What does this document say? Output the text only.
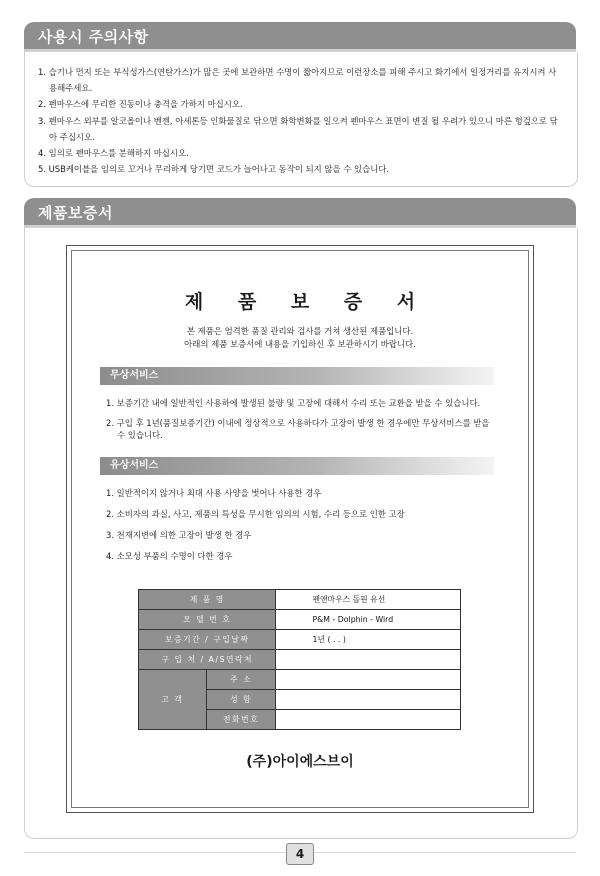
사용시 주의사항
1. 습기나 먼지 또는 부식성가스(연탄가스)가 많은 곳에 보관하면 수명이 짧아지므로 이런장소를 피해 주시고 화기에서 일정거리를 유지시켜 사용해주세요.
2. 펜마우스에 무리한 진동이나 충격을 가하지 마십시오.
3. 펜마우스 외부를 알코올이나 벤젠, 아세톤등 인화물질로 닦으면 화학변화를 일으켜 펜마우스 표면이 변질 될 우려가 있으니 마른 헝겊으로 닦아 주십시오.
4. 임의로 펜마우스를 분해하지 마십시오.
5. USB케이블을 임의로 꼬거나 무리하게 당기면 코드가 늘어나고 동작이 되지 않을 수 있습니다.
제품보증서
제 품 보 증 서
본 제품은 엄격한 품질 관리와 검사를 거쳐 생산된 제품입니다.
아래의 제품 보증서에 내용을 기입하신 후 보관하시기 바랍니다.
무상서비스
1. 보증기간 내에 일반적인 사용하에 발생된 불량 및 고장에 대해서 수리 또는 교환을 받을 수 있습니다.
2. 구입 후 1년(품질보증기간) 이내에 정상적으로 사용하다가 고장이 발생 한 경우에만 무상서비스를 받을 수 있습니다.
유상서비스
1. 일반적이지 않거나 최대 사용 사양을 벗어나 사용한 경우
2. 소비자의 과실, 사고, 제품의 특성을 무시한 임의의 시험, 수리 등으로 인한 고장
3. 천재지변에 의한 고장이 발생 한 경우
4. 소모성 부품의 수명이 다한 경우
제 품 명		펜앤마우스 돌핀 유선
모 델 번 호		P&M - Dolphin - Wird
보증기간 / 구입날짜		1년 ( . . )
구 입 처 / A/S연락처		
고 객	주 소	
	성 함	
	전화번호	
(주)아이에스브이
4
